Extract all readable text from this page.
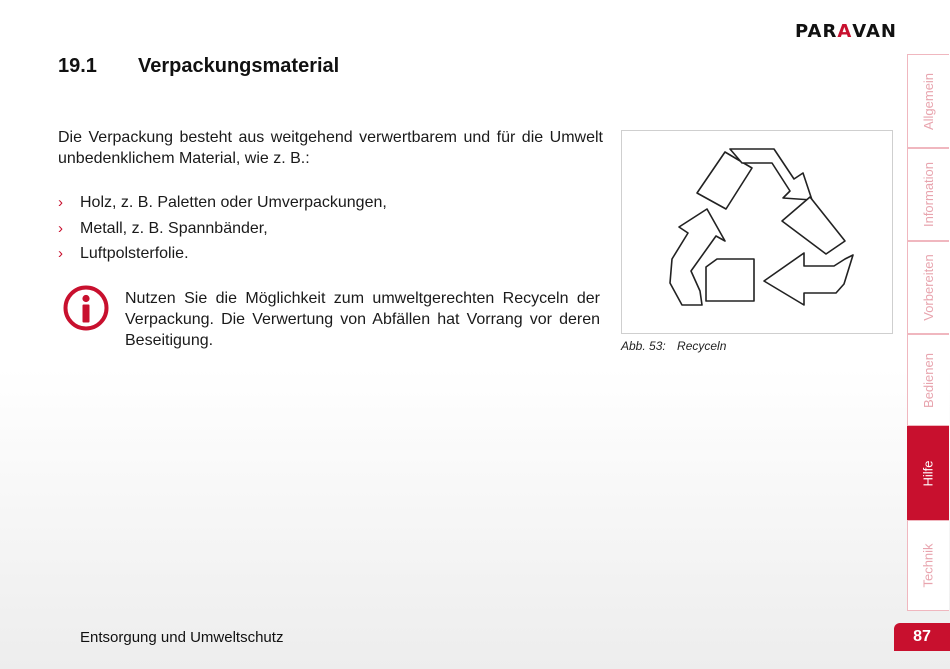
PAR A VAN
19.1	Verpackungsmaterial

Die Verpackung besteht aus weitgehend verwertbarem und für die Umwelt unbedenklichem Material, wie z. B.:

›	Holz, z. B. Paletten oder Umverpackungen,
›	Metall, z. B. Spannbänder,
›	Luftpolsterfolie.

Nutzen Sie die Möglichkeit zum umweltgerechten Recyceln der Verpackung. Die Verwertung von Abfällen hat Vorrang vor deren Beseitigung.	Abb. 53: Recyceln
Allgemein
Information
Vorbereiten
Bedienen
Hilfe
Technik
Entsorgung und Umweltschutz	87
